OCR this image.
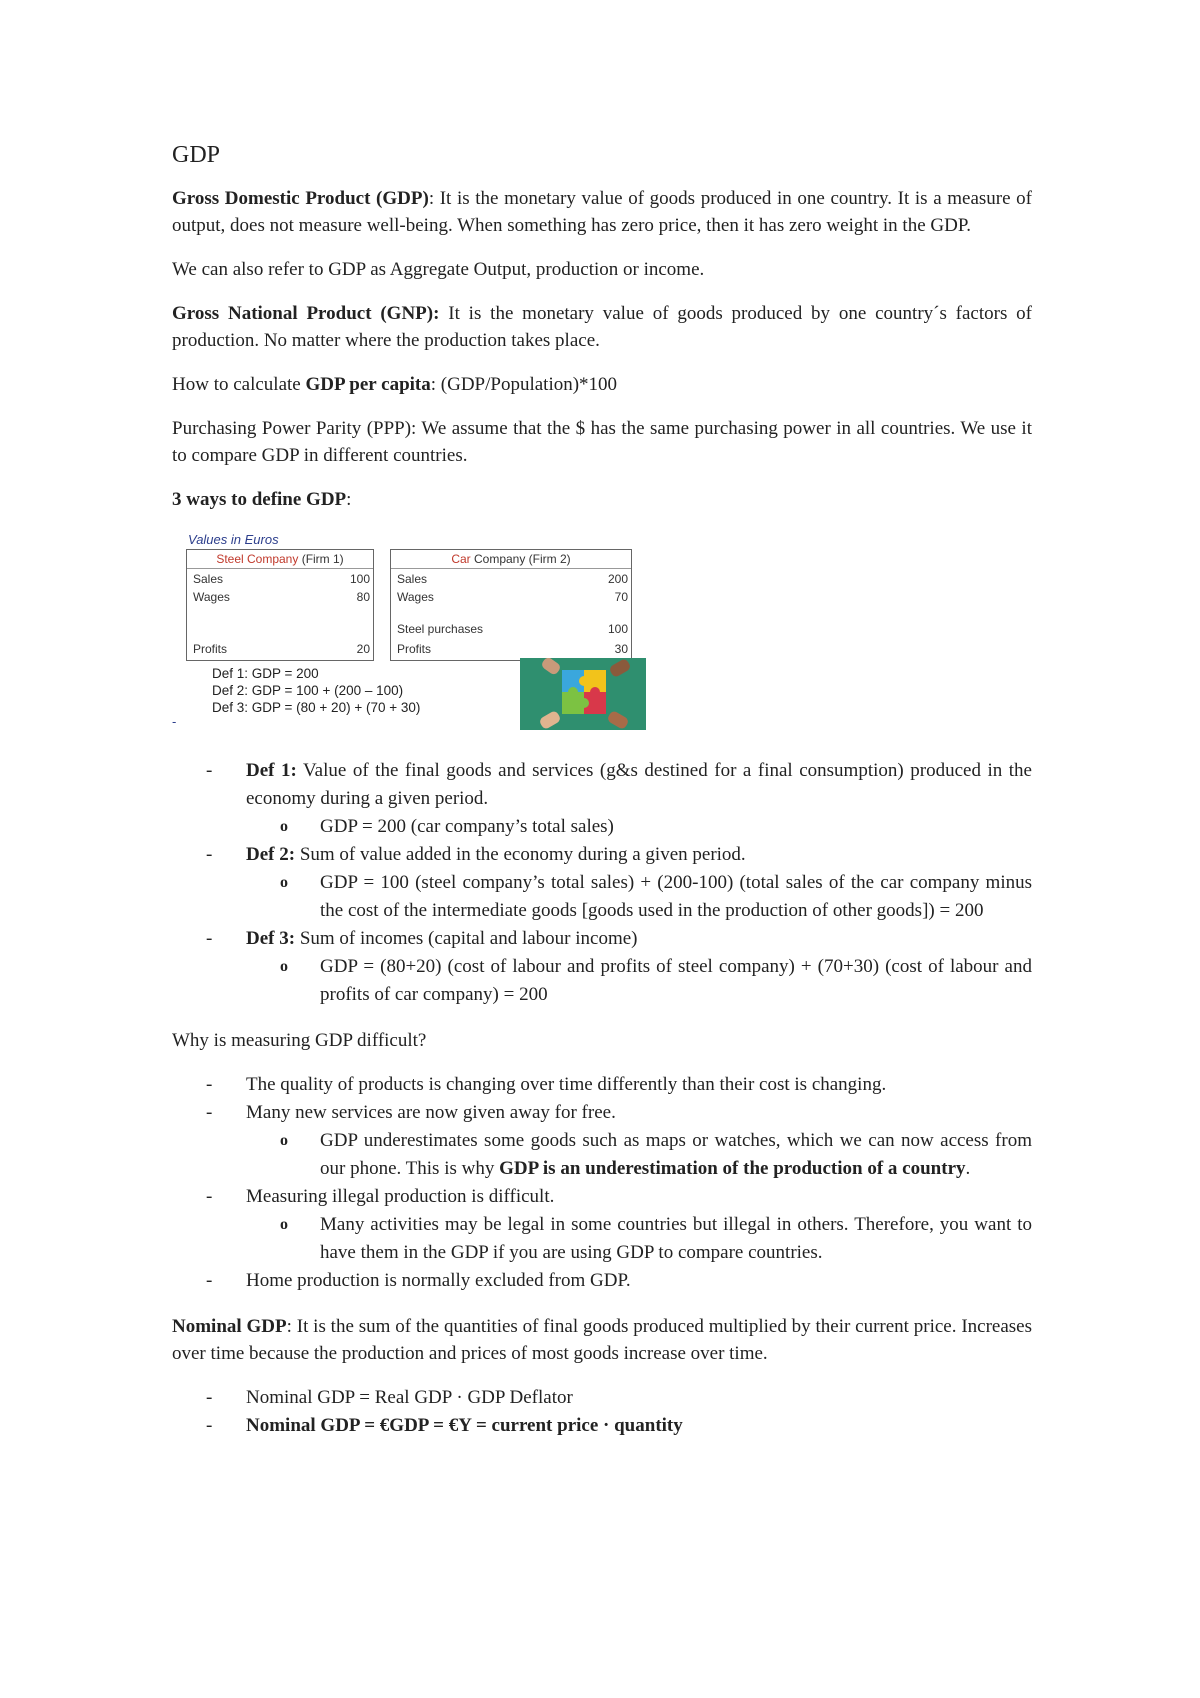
GDP

Gross Domestic Product (GDP): It is the monetary value of goods produced in one country. It is a measure of output, does not measure well-being. When something has zero price, then it has zero weight in the GDP.

We can also refer to GDP as Aggregate Output, production or income.

Gross National Product (GNP): It is the monetary value of goods produced by one country´s factors of production. No matter where the production takes place.

How to calculate GDP per capita: (GDP/Population)*100

Purchasing Power Parity (PPP): We assume that the $ has the same purchasing power in all countries. We use it to compare GDP in different countries.

3 ways to define GDP:

Values in Euros
Steel Company (Firm 1)
Sales	100
Wages	80
Profits	20
Car Company (Firm 2)
Sales	200
Wages	70
Steel purchases	100
Profits	30
Def 1: GDP = 200
Def 2: GDP = 100 + (200 – 100)
Def 3: GDP = (80 + 20) + (70 + 30)
-
- Def 1: Value of the final goods and services (g&s destined for a final consumption) produced in the economy during a given period.
o GDP = 200 (car company’s total sales)
- Def 2: Sum of value added in the economy during a given period.
o GDP = 100 (steel company’s total sales) + (200-100) (total sales of the car company minus the cost of the intermediate goods [goods used in the production of other goods]) = 200
- Def 3: Sum of incomes (capital and labour income)
o GDP = (80+20) (cost of labour and profits of steel company) + (70+30) (cost of labour and profits of car company) = 200

Why is measuring GDP difficult?

- The quality of products is changing over time differently than their cost is changing.
- Many new services are now given away for free.
o GDP underestimates some goods such as maps or watches, which we can now access from our phone. This is why GDP is an underestimation of the production of a country.
- Measuring illegal production is difficult.
o Many activities may be legal in some countries but illegal in others. Therefore, you want to have them in the GDP if you are using GDP to compare countries.
- Home production is normally excluded from GDP.

Nominal GDP: It is the sum of the quantities of final goods produced multiplied by their current price. Increases over time because the production and prices of most goods increase over time.

- Nominal GDP = Real GDP · GDP Deflator
- Nominal GDP = €GDP = €Y = current price · quantity
